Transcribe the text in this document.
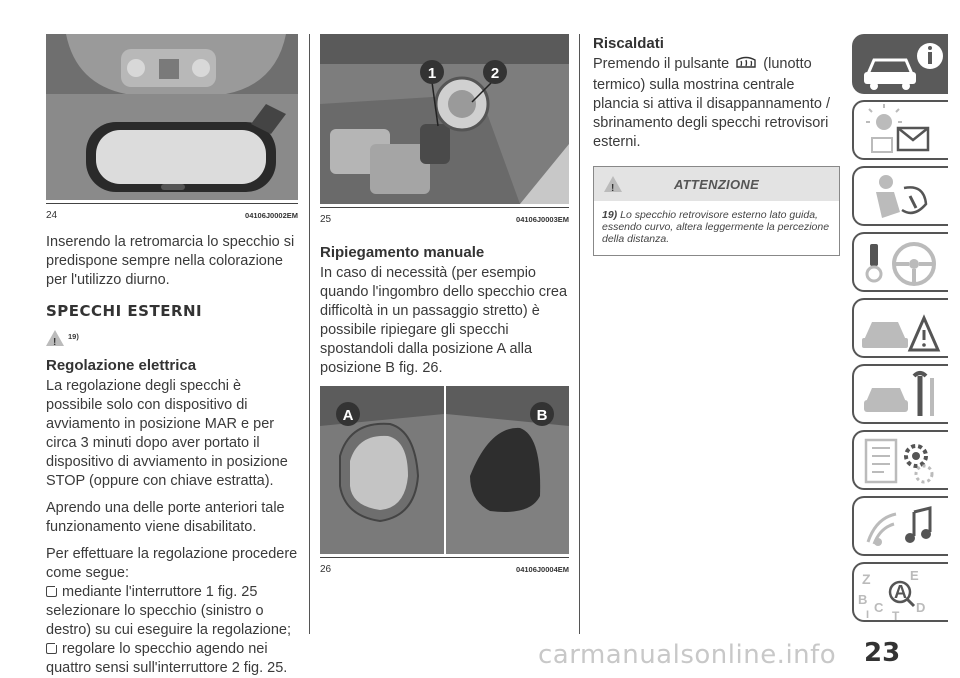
24	04106J0002EM

Inserendo la retromarcia lo specchio si predispone sempre nella colorazione per l'utilizzo diurno.

SPECCHI ESTERNI
!
19)
Regolazione elettrica

La regolazione degli specchi è possibile solo con dispositivo di avviamento in posizione MAR e per circa 3 minuti dopo aver portato il dispositivo di avviamento in posizione STOP (oppure con chiave estratta).

Aprendo una delle porte anteriori tale funzionamento viene disabilitato.

Per effettuare la regolazione procedere come segue:

mediante l'interruttore 1 fig. 25 selezionare lo specchio (sinistro o destro) su cui eseguire la regolazione;

regolare lo specchio agendo nei quattro sensi sull'interruttore 2 fig. 25.

1	2
25	04106J0003EM
Ripiegamento manuale

In caso di necessità (per esempio quando l'ingombro dello specchio crea difficoltà in un passaggio stretto) è possibile ripiegare gli specchi spostandoli dalla posizione A alla posizione B fig. 26.

A	B
26	04106J0004EM
Riscaldati

Premendo il pulsante (lunotto termico) sulla mostrina centrale plancia si attiva il disappannamento / sbrinamento degli specchi retrovisori esterni.

!
ATTENZIONE
19) Lo specchio retrovisore esterno lato guida, essendo curvo, altera leggermente la percezione della distanza.
Z	E
A
B
C	D
T
I
carmanualsonline.info 23
